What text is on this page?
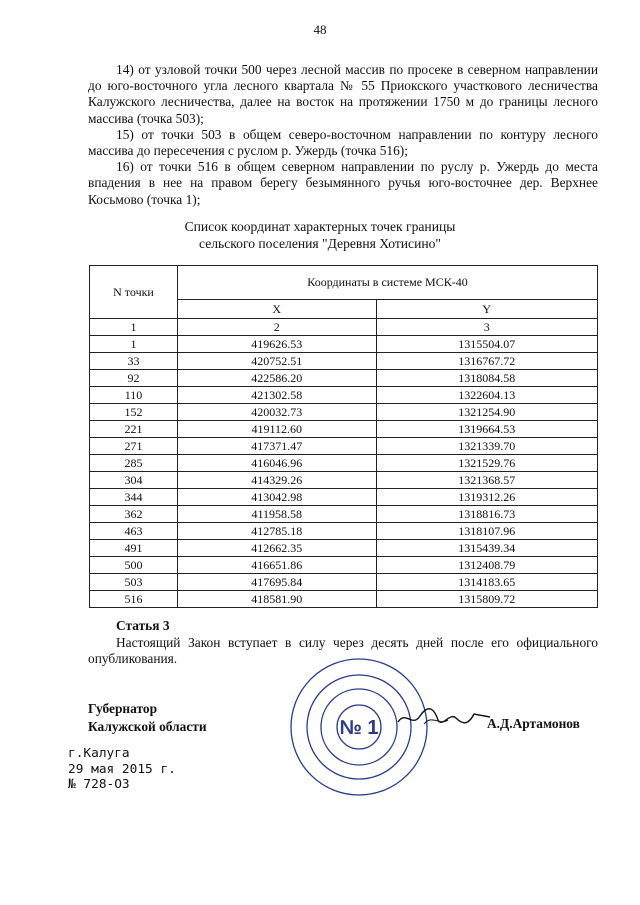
48

14) от узловой точки 500 через лесной массив по просеке в северном направлении до юго-восточного угла лесного квартала № 55 Приокского участкового лесничества Калужского лесничества, далее на восток на протяжении 1750 м до границы лесного массива (точка 503);

15) от точки 503 в общем северо-восточном направлении по контуру лесного массива до пересечения с руслом р. Ужердь (точка 516);

16) от точки 516 в общем северном направлении по руслу р. Ужердь до места впадения в нее на правом берегу безымянного ручья юго-восточнее дер. Верхнее Косьмово (точка 1);

Список координат характерных точек границы
сельского поселения "Деревня Хотисино"
N точки	Координаты в системе МСК-40	
	X	Y
1	2	3
1	419626.53	1315504.07
33	420752.51	1316767.72
92	422586.20	1318084.58
110	421302.58	1322604.13
152	420032.73	1321254.90
221	419112.60	1319664.53
271	417371.47	1321339.70
285	416046.96	1321529.76
304	414329.26	1321368.57
344	413042.98	1319312.26
362	411958.58	1318816.73
463	412785.18	1318107.96
491	412662.35	1315439.34
500	416651.86	1312408.79
503	417695.84	1314183.65
516	418581.90	1315809.72
Статья 3

Настоящий Закон вступает в силу через десять дней после его официального опубликования.

Губернатор
Калужской области	№ 1	А.Д.Артамонов
г.Калуга
29 мая 2015 г.
№ 728-ОЗ
